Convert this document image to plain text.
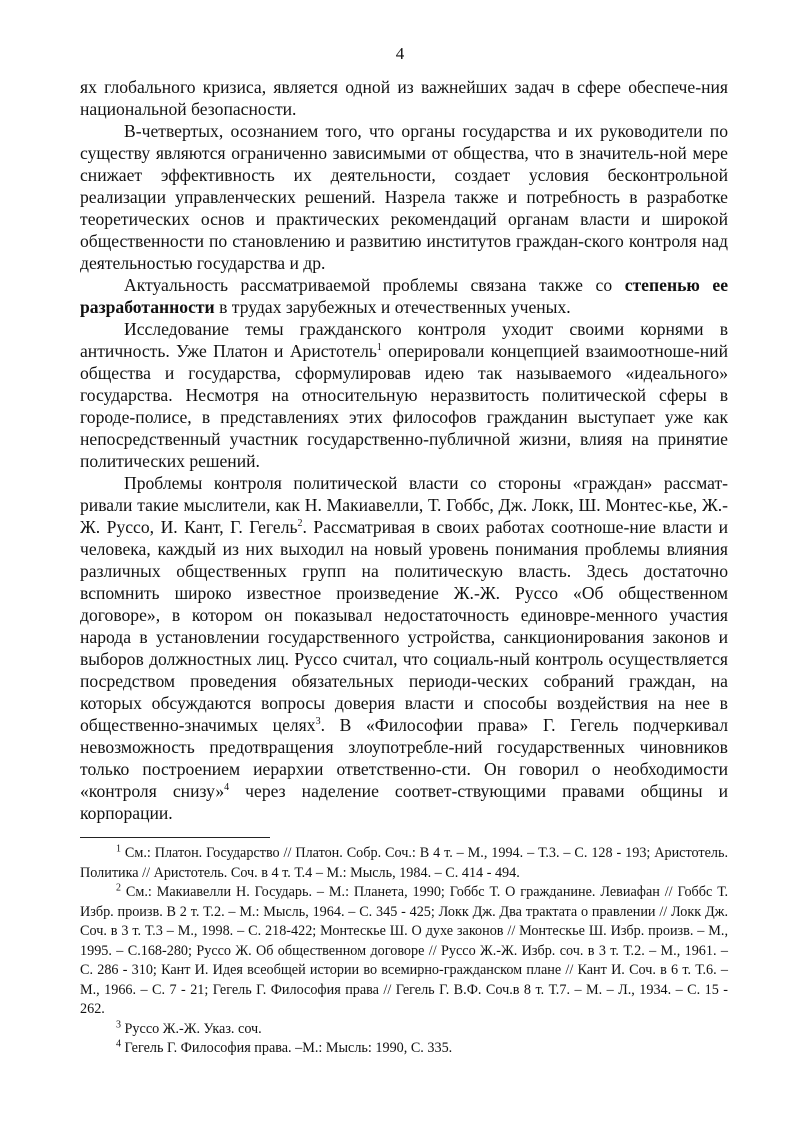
4

ях глобального кризиса, является одной из важнейших задач в сфере обеспече-ния национальной безопасности.

В-четвертых, осознанием того, что органы государства и их руководители по существу являются ограниченно зависимыми от общества, что в значитель-ной мере снижает эффективность их деятельности, создает условия бесконтрольной реализации управленческих решений. Назрела также и потребность в разработке теоретических основ и практических рекомендаций органам власти и широкой общественности по становлению и развитию институтов граждан-ского контроля над деятельностью государства и др.

Актуальность рассматриваемой проблемы связана также со степенью ее разработанности в трудах зарубежных и отечественных ученых.

Исследование темы гражданского контроля уходит своими корнями в античность. Уже Платон и Аристотель$^1$ оперировали концепцией взаимоотноше-ний общества и государства, сформулировав идею так называемого «идеального» государства. Несмотря на относительную неразвитость политической сферы в городе-полисе, в представлениях этих философов гражданин выступает уже как непосредственный участник государственно-публичной жизни, влияя на принятие политических решений.

Проблемы контроля политической власти со стороны «граждан» рассмат-ривали такие мыслители, как Н. Макиавелли, Т. Гоббс, Дж. Локк, Ш. Монтес-кье, Ж.-Ж. Руссо, И. Кант, Г. Гегель$^2$. Рассматривая в своих работах соотноше-ние власти и человека, каждый из них выходил на новый уровень понимания проблемы влияния различных общественных групп на политическую власть. Здесь достаточно вспомнить широко известное произведение Ж.-Ж. Руссо «Об общественном договоре», в котором он показывал недостаточность единовре-менного участия народа в установлении государственного устройства, санкционирования законов и выборов должностных лиц. Руссо считал, что социаль-ный контроль осуществляется посредством проведения обязательных периоди-ческих собраний граждан, на которых обсуждаются вопросы доверия власти и способы воздействия на нее в общественно-значимых целях$^3$. В «Философии права» Г. Гегель подчеркивал невозможность предотвращения злоупотребле-ний государственных чиновников только построением иерархии ответственно-сти. Он говорил о необходимости «контроля снизу»$^4$ через наделение соответ-ствующими правами общины и корпорации.

$^1$ См.: Платон. Государство // Платон. Собр. Соч.: В 4 т. – М., 1994. – Т.3. – С. 128 - 193; Аристотель. Политика // Аристотель. Соч. в 4 т. Т.4 – М.: Мысль, 1984. – С. 414 - 494.

$^2$ См.: Макиавелли Н. Государь. – М.: Планета, 1990; Гоббс Т. О гражданине. Левиафан // Гоббс Т. Избр. произв. В 2 т. Т.2. – М.: Мысль, 1964. – С. 345 - 425; Локк Дж. Два трактата о правлении // Локк Дж. Соч. в 3 т. Т.3 – М., 1998. – С. 218-422; Монтескье Ш. О духе законов // Монтескье Ш. Избр. произв. – М., 1995. – С.168-280; Руссо Ж. Об общественном договоре // Руссо Ж.-Ж. Избр. соч. в 3 т. Т.2. – М., 1961. – С. 286 - 310; Кант И. Идея всеобщей истории во всемирно-гражданском плане // Кант И. Соч. в 6 т. Т.6. – М., 1966. – С. 7 - 21; Гегель Г. Философия права // Гегель Г. В.Ф. Соч.в 8 т. Т.7. – М. – Л., 1934. – С. 15 - 262.

$^3$ Руссо Ж.-Ж. Указ. соч.

$^4$ Гегель Г. Философия права. –М.: Мысль: 1990, С. 335.
